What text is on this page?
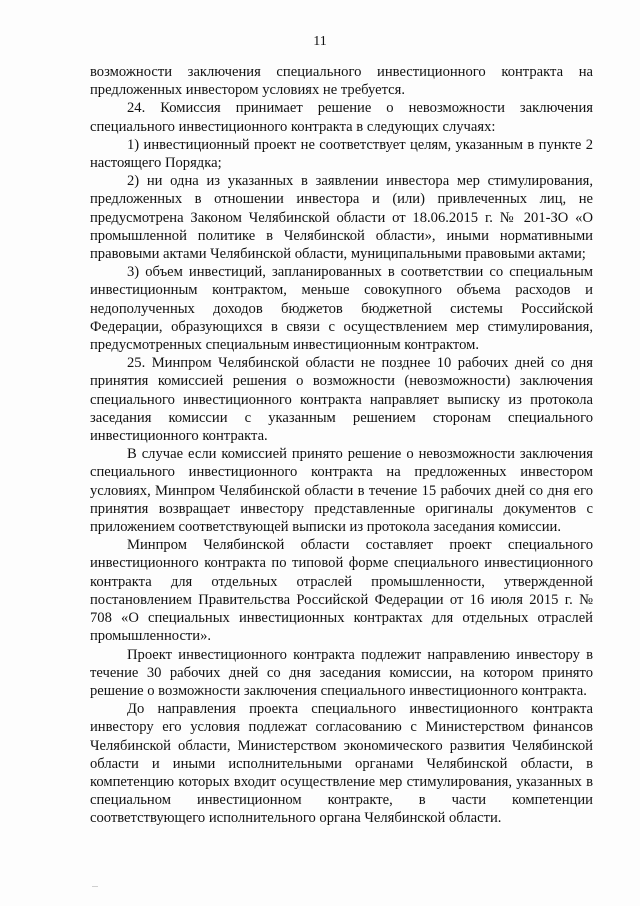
11

возможности заключения специального инвестиционного контракта на предложенных инвестором условиях не требуется.

24. Комиссия принимает решение о невозможности заключения специального инвестиционного контракта в следующих случаях:

1) инвестиционный проект не соответствует целям, указанным в пункте 2 настоящего Порядка;

2) ни одна из указанных в заявлении инвестора мер стимулирования, предложенных в отношении инвестора и (или) привлеченных лиц, не предусмотрена Законом Челябинской области от 18.06.2015 г. № 201-ЗО «О промышленной политике в Челябинской области», иными нормативными правовыми актами Челябинской области, муниципальными правовыми актами;

3) объем инвестиций, запланированных в соответствии со специальным инвестиционным контрактом, меньше совокупного объема расходов и недополученных доходов бюджетов бюджетной системы Российской Федерации, образующихся в связи с осуществлением мер стимулирования, предусмотренных специальным инвестиционным контрактом.

25. Минпром Челябинской области не позднее 10 рабочих дней со дня принятия комиссией решения о возможности (невозможности) заключения специального инвестиционного контракта направляет выписку из протокола заседания комиссии с указанным решением сторонам специального инвестиционного контракта.

В случае если комиссией принято решение о невозможности заключения специального инвестиционного контракта на предложенных инвестором условиях, Минпром Челябинской области в течение 15 рабочих дней со дня его принятия возвращает инвестору представленные оригиналы документов с приложением соответствующей выписки из протокола заседания комиссии.

Минпром Челябинской области составляет проект специального инвестиционного контракта по типовой форме специального инвестиционного контракта для отдельных отраслей промышленности, утвержденной постановлением Правительства Российской Федерации от 16 июля 2015 г. № 708 «О специальных инвестиционных контрактах для отдельных отраслей промышленности».

Проект инвестиционного контракта подлежит направлению инвестору в течение 30 рабочих дней со дня заседания комиссии, на котором принято решение о возможности заключения специального инвестиционного контракта.

До направления проекта специального инвестиционного контракта инвестору его условия подлежат согласованию с Министерством финансов Челябинской области, Министерством экономического развития Челябинской области и иными исполнительными органами Челябинской области, в компетенцию которых входит осуществление мер стимулирования, указанных в специальном инвестиционном контракте, в части компетенции соответствующего исполнительного органа Челябинской области.
